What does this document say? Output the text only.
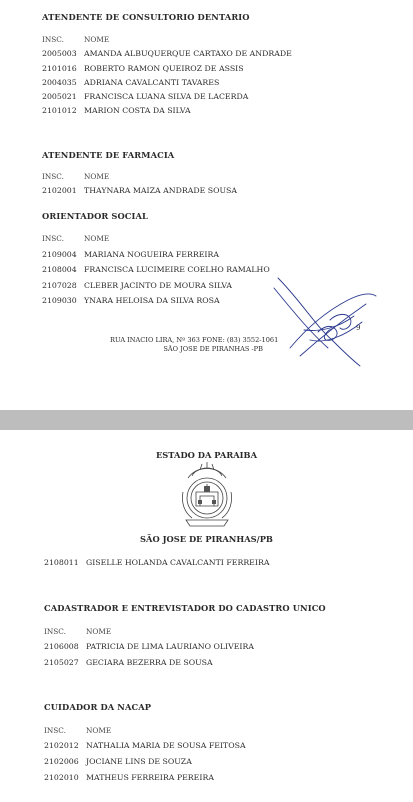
ATENDENTE DE CONSULTORIO DENTARIO
INSC.	NOME
2005003 AMANDA ALBUQUERQUE CARTAXO DE ANDRADE
2101016 ROBERTO RAMON QUEIROZ DE ASSIS
2004035 ADRIANA CAVALCANTI TAVARES
2005021 FRANCISCA LUANA SILVA DE LACERDA
2101012 MARION COSTA DA SILVA
ATENDENTE DE FARMACIA
INSC.	NOME
2102001 THAYNARA MAIZA ANDRADE SOUSA
ORIENTADOR SOCIAL
INSC.	NOME
2109004 MARIANA NOGUEIRA FERREIRA
2108004 FRANCISCA LUCIMEIRE COELHO RAMALHO
2107028 CLEBER JACINTO DE MOURA SILVA
2109030 YNARA HELOISA DA SILVA ROSA
RUA INACIO LIRA, Nº 363 FONE: (83) 3552-1061
SÃO JOSE DE PIRANHAS -PB
9
ESTADO DA PARAIBA
SÃO JOSE DE PIRANHAS/PB
2108011 GISELLE HOLANDA CAVALCANTI FERREIRA
CADASTRADOR E ENTREVISTADOR DO CADASTRO UNICO
INSC.	NOME
2106008 PATRICIA DE LIMA LAURIANO OLIVEIRA
2105027 GECIARA BEZERRA DE SOUSA
CUIDADOR DA NACAP
INSC.	NOME
2102012 NATHALIA MARIA DE SOUSA FEITOSA
2102006 JOCIANE LINS DE SOUZA
2102010 MATHEUS FERREIRA PEREIRA
